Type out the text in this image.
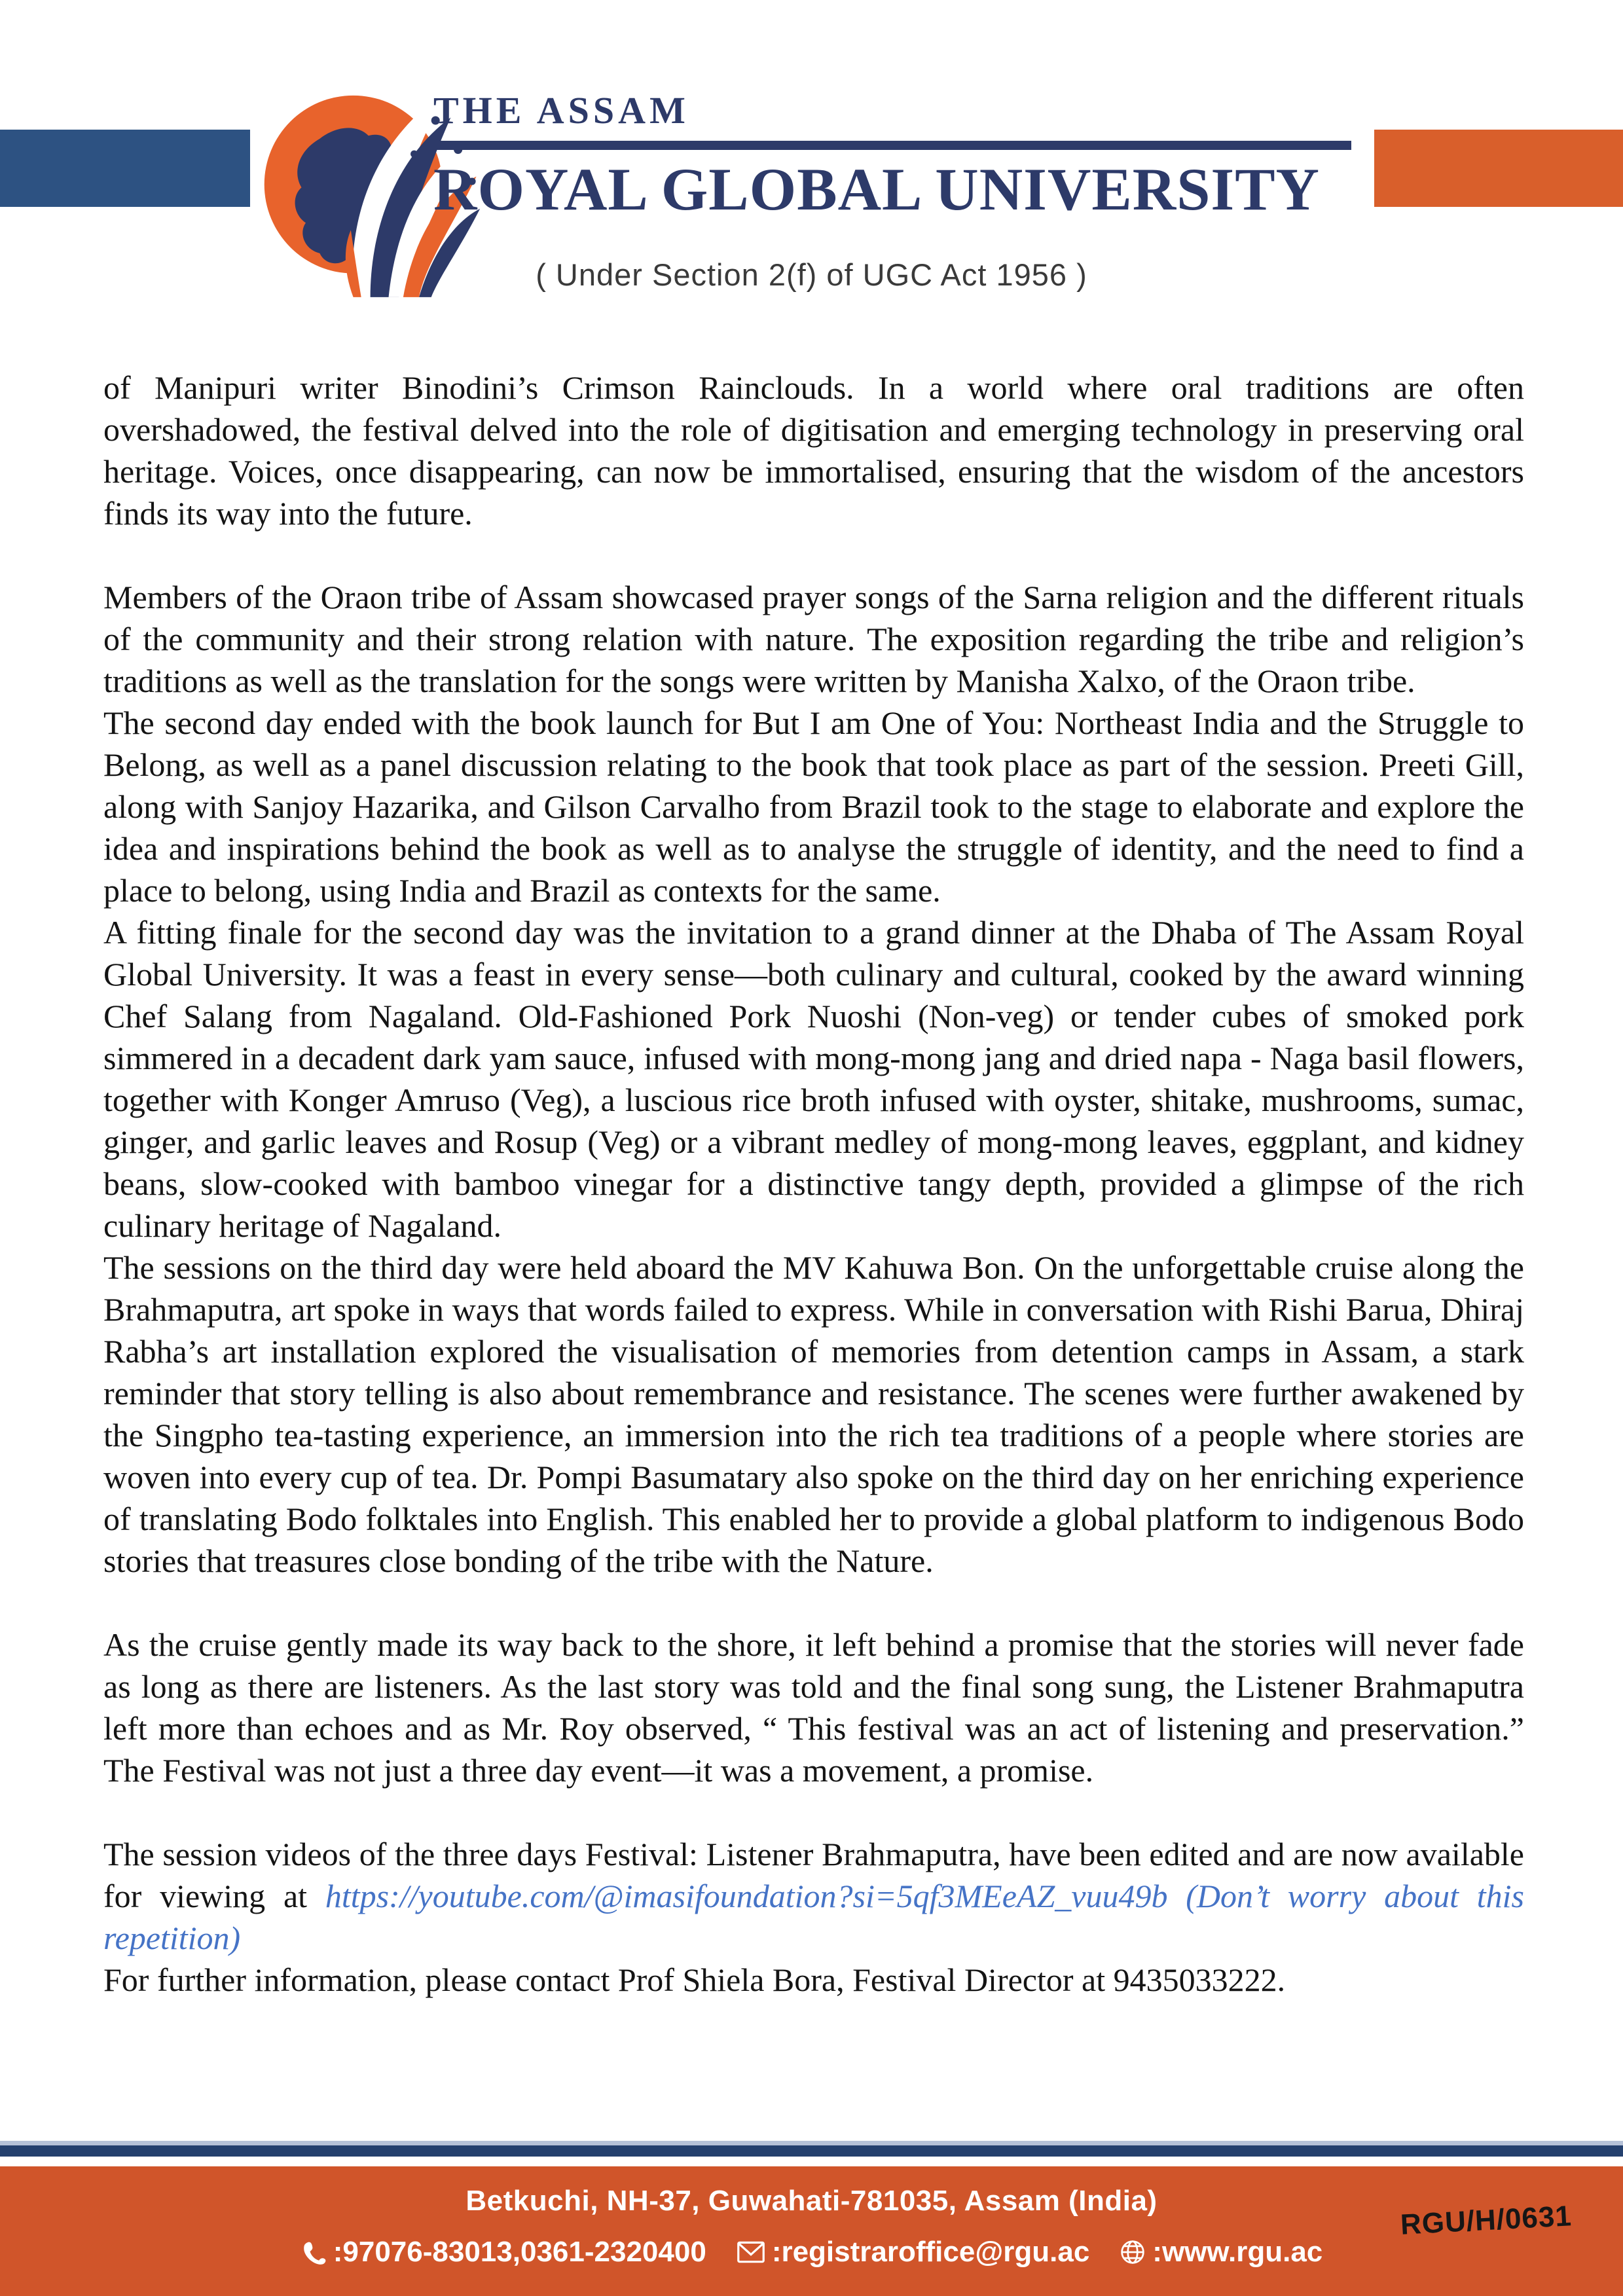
THE ASSAM
ROYAL GLOBAL UNIVERSITY
( Under Section 2(f) of UGC Act 1956 )

of Manipuri writer Binodini’s Crimson Rainclouds. In a world where oral traditions are often overshadowed, the festival delved into the role of digitisation and emerging technology in preserving oral heritage. Voices, once disappearing, can now be immortalised, ensuring that the wisdom of the ancestors finds its way into the future.

Members of the Oraon tribe of Assam showcased prayer songs of the Sarna religion and the different rituals of the community and their strong relation with nature. The exposition regarding the tribe and religion’s traditions as well as the translation for the songs were written by Manisha Xalxo, of the Oraon tribe.

The second day ended with the book launch for But I am One of You: Northeast India and the Struggle to Belong, as well as a panel discussion relating to the book that took place as part of the session. Preeti Gill, along with Sanjoy Hazarika, and Gilson Carvalho from Brazil took to the stage to elaborate and explore the idea and inspirations behind the book as well as to analyse the struggle of identity, and the need to find a place to belong, using India and Brazil as contexts for the same.

A fitting finale for the second day was the invitation to a grand dinner at the Dhaba of The Assam Royal Global University. It was a feast in every sense—both culinary and cultural, cooked by the award winning Chef Salang from Nagaland. Old-Fashioned Pork Nuoshi (Non-veg) or tender cubes of smoked pork simmered in a decadent dark yam sauce, infused with mong-mong jang and dried napa - Naga basil flowers, together with Konger Amruso (Veg), a luscious rice broth infused with oyster, shitake, mushrooms, sumac, ginger, and garlic leaves and Rosup (Veg) or a vibrant medley of mong-mong leaves, eggplant, and kidney beans, slow-cooked with bamboo vinegar for a distinctive tangy depth, provided a glimpse of the rich culinary heritage of Nagaland.

The sessions on the third day were held aboard the MV Kahuwa Bon. On the unforgettable cruise along the Brahmaputra, art spoke in ways that words failed to express. While in conversation with Rishi Barua, Dhiraj Rabha’s art installation explored the visualisation of memories from detention camps in Assam, a stark reminder that story telling is also about remembrance and resistance. The scenes were further awakened by the Singpho tea-tasting experience, an immersion into the rich tea traditions of a people where stories are woven into every cup of tea. Dr. Pompi Basumatary also spoke on the third day on her enriching experience of translating Bodo folktales into English. This enabled her to provide a global platform to indigenous Bodo stories that treasures close bonding of the tribe with the Nature.

As the cruise gently made its way back to the shore, it left behind a promise that the stories will never fade as long as there are listeners. As the last story was told and the final song sung, the Listener Brahmaputra left more than echoes and as Mr. Roy observed, “ This festival was an act of listening and preservation.” The Festival was not just a three day event—it was a movement, a promise.

The session videos of the three days Festival: Listener Brahmaputra, have been edited and are now available for viewing at https://youtube.com/@imasifoundation?si=5qf3MEeAZ_vuu49b (Don’t worry about this repetition)

For further information, please contact Prof Shiela Bora, Festival Director at 9435033222.

Betkuchi, NH-37, Guwahati-781035, Assam (India)
:97076-83013,0361-2320400 :registraroffice@rgu.ac :www.rgu.ac
RGU/H/0631
